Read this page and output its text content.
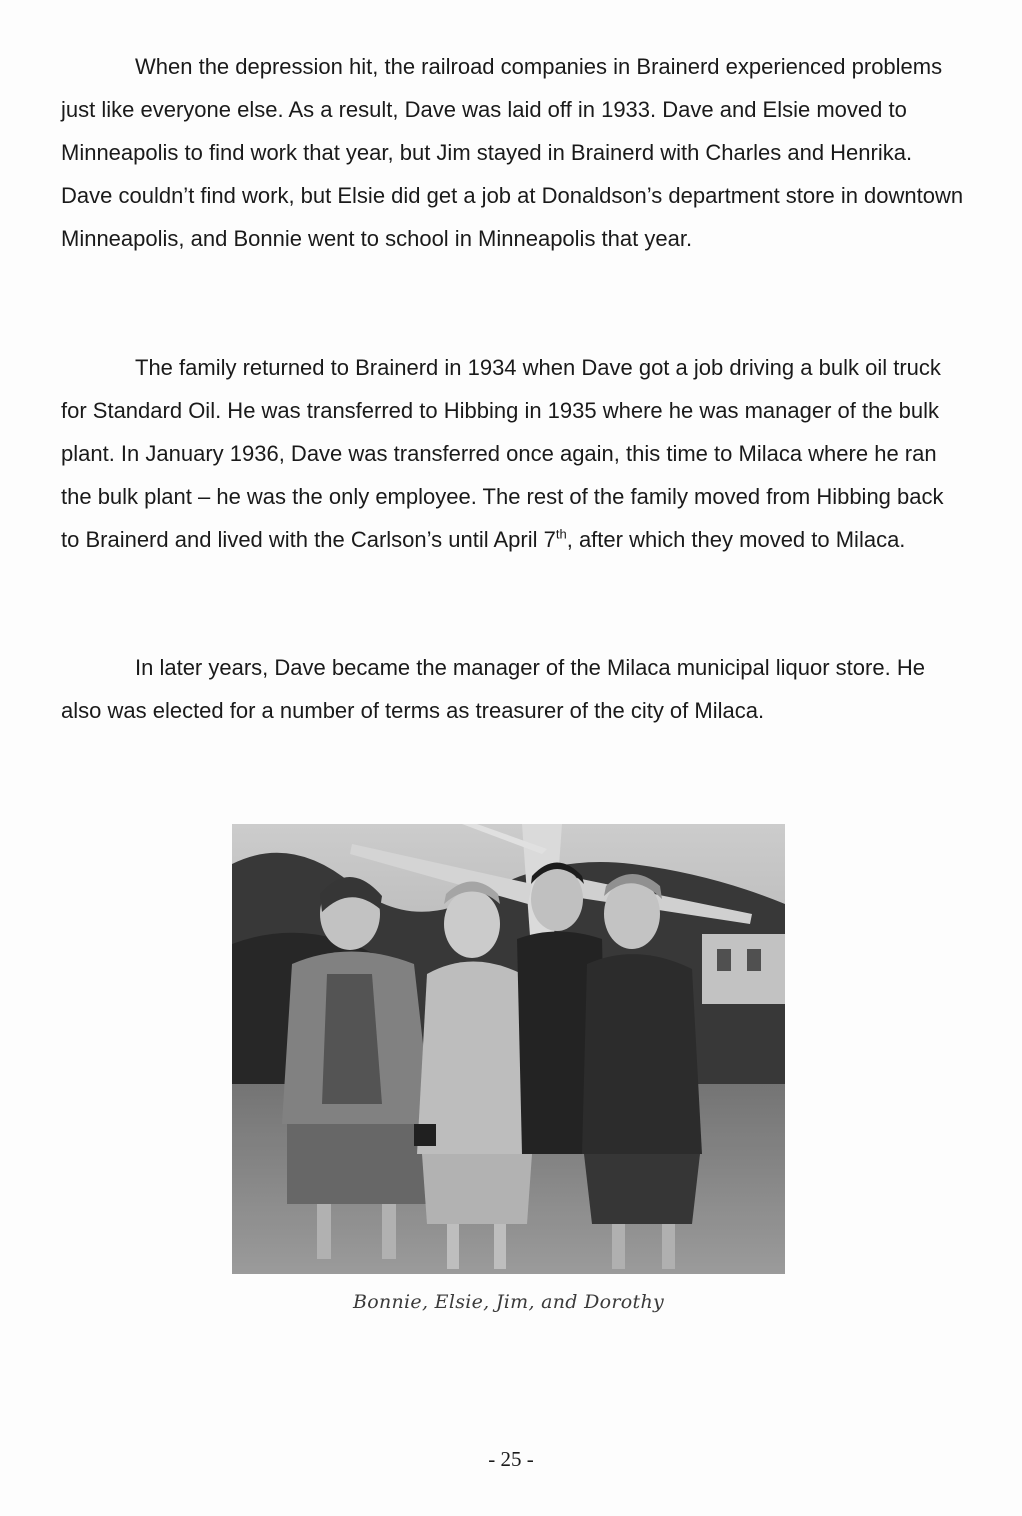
When the depression hit, the railroad companies in Brainerd experienced problems just like everyone else. As a result, Dave was laid off in 1933. Dave and Elsie moved to Minneapolis to find work that year, but Jim stayed in Brainerd with Charles and Henrika. Dave couldn’t find work, but Elsie did get a job at Donaldson’s department store in downtown Minneapolis, and Bonnie went to school in Minneapolis that year.

The family returned to Brainerd in 1934 when Dave got a job driving a bulk oil truck for Standard Oil. He was transferred to Hibbing in 1935 where he was manager of the bulk plant. In January 1936, Dave was transferred once again, this time to Milaca where he ran the bulk plant – he was the only employee. The rest of the family moved from Hibbing back to Brainerd and lived with the Carlson’s until April 7th, after which they moved to Milaca.

In later years, Dave became the manager of the Milaca municipal liquor store. He also was elected for a number of terms as treasurer of the city of Milaca.

Bonnie, Elsie, Jim, and Dorothy
- 25 -
